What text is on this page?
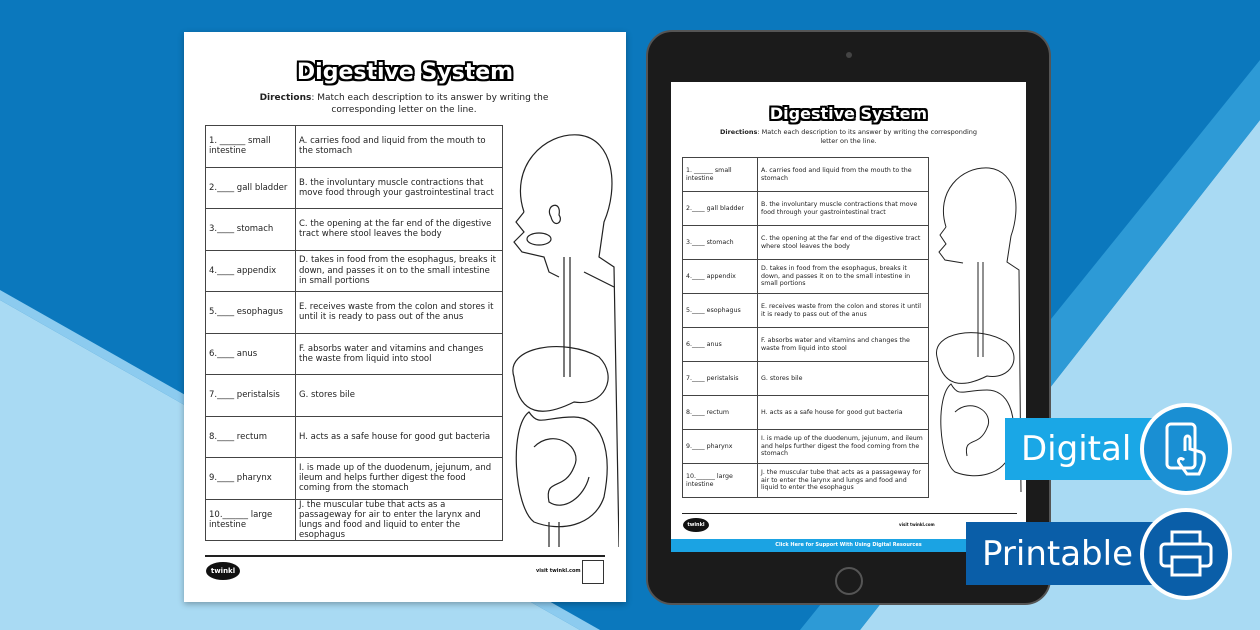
Digestive System
Directions: Match each description to its answer by writing the corresponding letter on the line.
1. ______ small intestine	A. carries food and liquid from the mouth to the stomach
2.____ gall bladder	B. the involuntary muscle contractions that move food through your gastrointestinal tract
3.____ stomach	C. the opening at the far end of the digestive tract where stool leaves the body
4.____ appendix	D. takes in food from the esophagus, breaks it down, and passes it on to the small intestine in small portions
5.____ esophagus	E. receives waste from the colon and stores it until it is ready to pass out of the anus
6.____ anus	F. absorbs water and vitamins and changes the waste from liquid into stool
7.____ peristalsis	G. stores bile
8.____ rectum	H. acts as a safe house for good gut bacteria
9.____ pharynx	I. is made up of the duodenum, jejunum, and ileum and helps further digest the food coming from the stomach
10.______ large intestine	J. the muscular tube that acts as a passageway for air to enter the larynx and lungs and food and liquid to enter the esophagus
twinkl	visit twinkl.com
Digestive System
Directions: Match each description to its answer by writing the corresponding letter on the line.
1. ______ small intestine	A. carries food and liquid from the mouth to the stomach
2.____ gall bladder	B. the involuntary muscle contractions that move food through your gastrointestinal tract
3.____ stomach	C. the opening at the far end of the digestive tract where stool leaves the body
4.____ appendix	D. takes in food from the esophagus, breaks it down, and passes it on to the small intestine in small portions
5.____ esophagus	E. receives waste from the colon and stores it until it is ready to pass out of the anus
6.____ anus	F. absorbs water and vitamins and changes the waste from liquid into stool
7.____ peristalsis	G. stores bile
8.____ rectum	H. acts as a safe house for good gut bacteria
9.____ pharynx	I. is made up of the duodenum, jejunum, and ileum and helps further digest the food coming from the stomach
10.______ large intestine	J. the muscular tube that acts as a passageway for air to enter the larynx and lungs and food and liquid to enter the esophagus
twinkl	visit twinkl.com
Click Here for Support With Using Digital Resources
Digital
Printable
